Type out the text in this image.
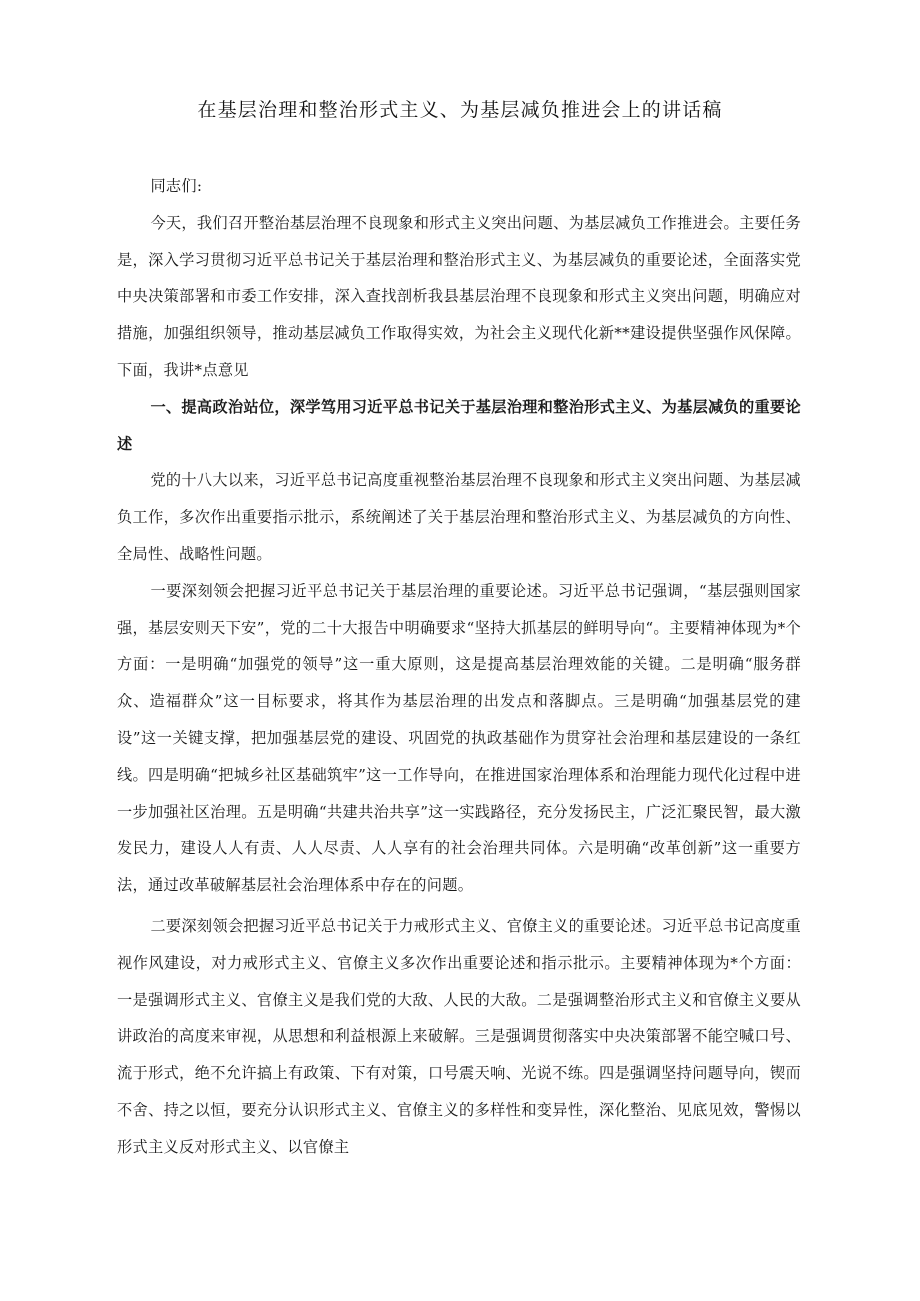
在基层治理和整治形式主义、为基层减负推进会上的讲话稿

同志们:

今天，我们召开整治基层治理不良现象和形式主义突出问题、为基层减负工作推进会。主要任务是，深入学习贯彻习近平总书记关于基层治理和整治形式主义、为基层减负的重要论述，全面落实党中央决策部署和市委工作安排，深入查找剖析我县基层治理不良现象和形式主义突出问题，明确应对措施，加强组织领导，推动基层减负工作取得实效，为社会主义现代化新**建设提供坚强作风保障。下面，我讲*点意见

一、提高政治站位，深学笃用习近平总书记关于基层治理和整治形式主义、为基层减负的重要论述

党的十八大以来，习近平总书记高度重视整治基层治理不良现象和形式主义突出问题、为基层减负工作，多次作出重要指示批示，系统阐述了关于基层治理和整治形式主义、为基层减负的方向性、全局性、战略性问题。

一要深刻领会把握习近平总书记关于基层治理的重要论述。习近平总书记强调，“基层强则国家强，基层安则天下安”，党的二十大报告中明确要求“坚持大抓基层的鲜明导向“。主要精神体现为*个方面：一是明确“加强党的领导”这一重大原则，这是提高基层治理效能的关键。二是明确“服务群众、造福群众”这一目标要求，将其作为基层治理的出发点和落脚点。三是明确“加强基层党的建设”这一关键支撑，把加强基层党的建设、巩固党的执政基础作为贯穿社会治理和基层建设的一条红线。四是明确“把城乡社区基础筑牢”这一工作导向，在推进国家治理体系和治理能力现代化过程中进一步加强社区治理。五是明确“共建共治共享”这一实践路径，充分发扬民主，广泛汇聚民智，最大激发民力，建设人人有责、人人尽责、人人享有的社会治理共同体。六是明确“改革创新”这一重要方法，通过改革破解基层社会治理体系中存在的问题。

二要深刻领会把握习近平总书记关于力戒形式主义、官僚主义的重要论述。习近平总书记高度重视作风建设，对力戒形式主义、官僚主义多次作出重要论述和指示批示。主要精神体现为*个方面：一是强调形式主义、官僚主义是我们党的大敌、人民的大敌。二是强调整治形式主义和官僚主义要从讲政治的高度来审视，从思想和利益根源上来破解。三是强调贯彻落实中央决策部署不能空喊口号、流于形式，绝不允许搞上有政策、下有对策，口号震天响、光说不练。四是强调坚持问题导向，锲而不舍、持之以恒，要充分认识形式主义、官僚主义的多样性和变异性，深化整治、见底见效，警惕以形式主义反对形式主义、以官僚主
